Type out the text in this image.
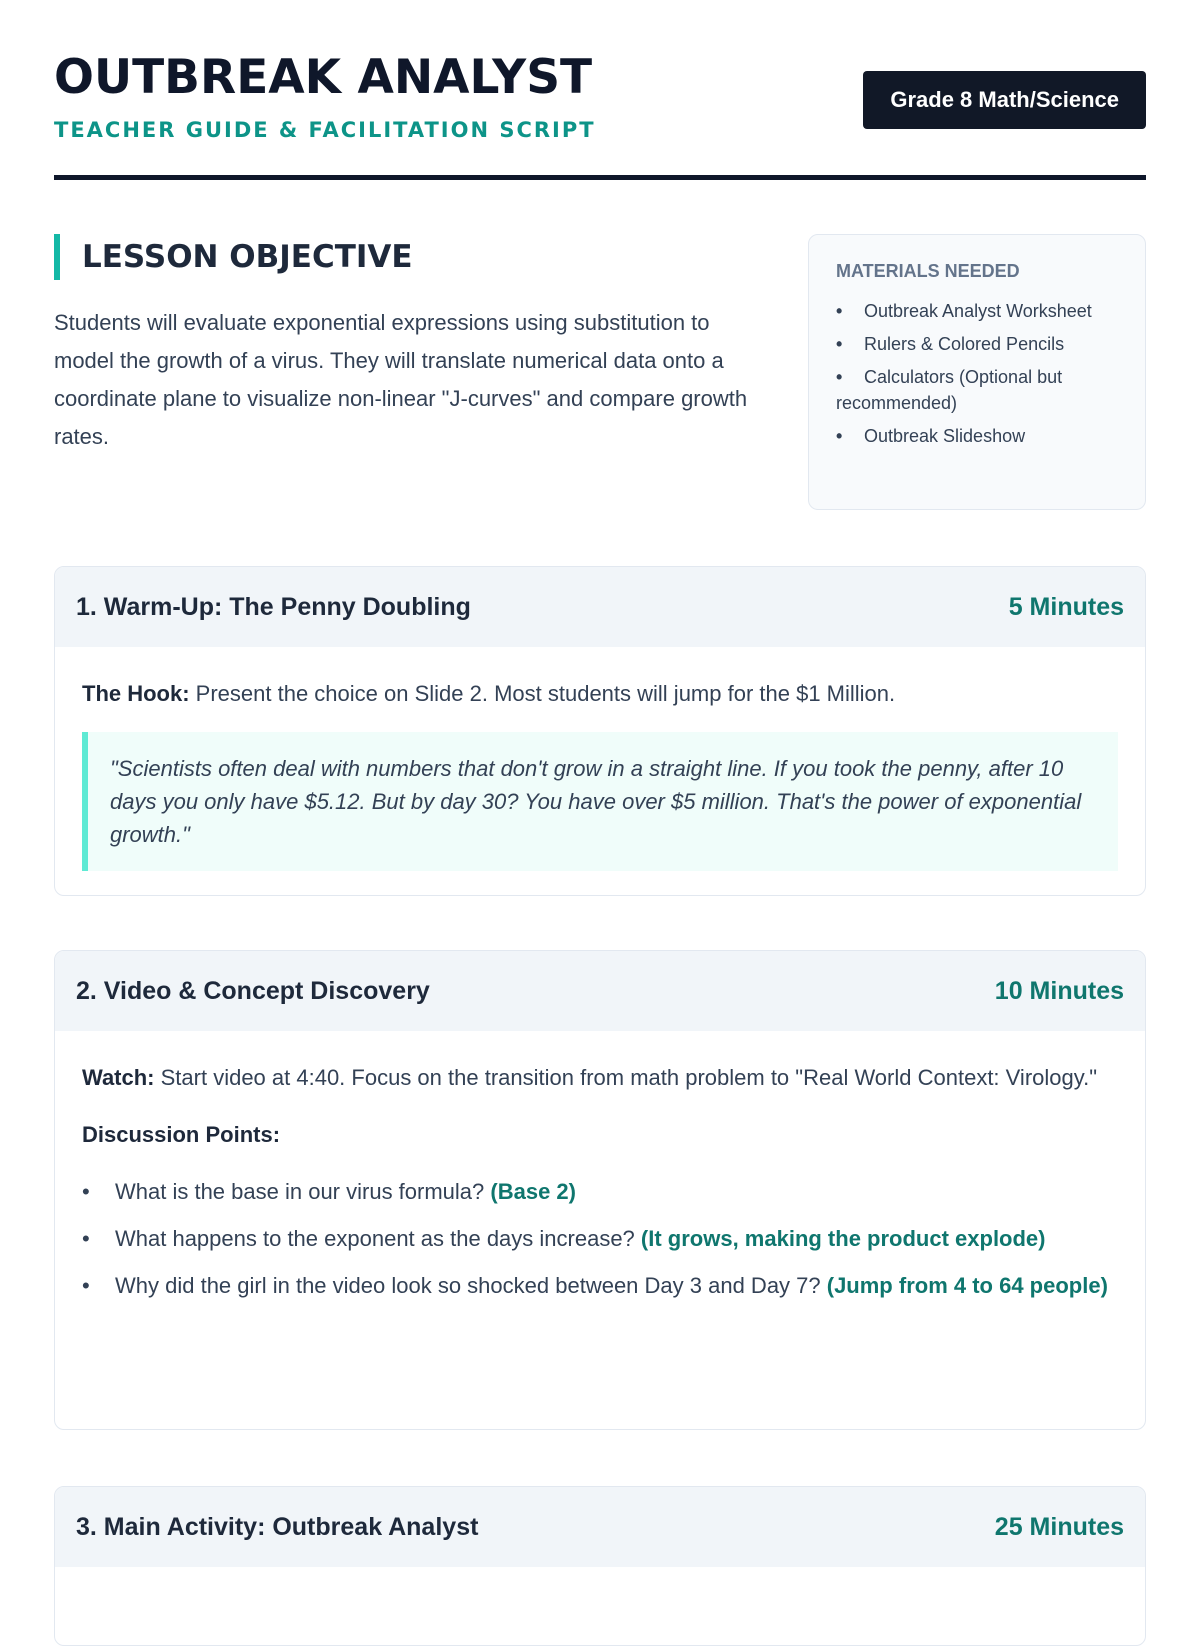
OUTBREAK ANALYST
TEACHER GUIDE & FACILITATION SCRIPT
Grade 8 Math/Science
LESSON OBJECTIVE

Students will evaluate exponential expressions using substitution to model the growth of a virus. They will translate numerical data onto a coordinate plane to visualize non-linear "J-curves" and compare growth rates.

MATERIALS NEEDED
• Outbreak Analyst Worksheet
• Rulers & Colored Pencils
• Calculators (Optional but recommended)
• Outbreak Slideshow
1. Warm-Up: The Penny Doubling	5 Minutes

The Hook: Present the choice on Slide 2. Most students will jump for the $1 Million.

"Scientists often deal with numbers that don't grow in a straight line. If you took the penny, after 10 days you only have $5.12. But by day 30? You have over $5 million. That's the power of exponential growth."
2. Video & Concept Discovery	10 Minutes

Watch: Start video at 4:40. Focus on the transition from math problem to "Real World Context: Virology."

Discussion Points:

• What is the base in our virus formula? (Base 2)
• What happens to the exponent as the days increase? (It grows, making the product explode)
• Why did the girl in the video look so shocked between Day 3 and Day 7? (Jump from 4 to 64 people)
3. Main Activity: Outbreak Analyst	25 Minutes
